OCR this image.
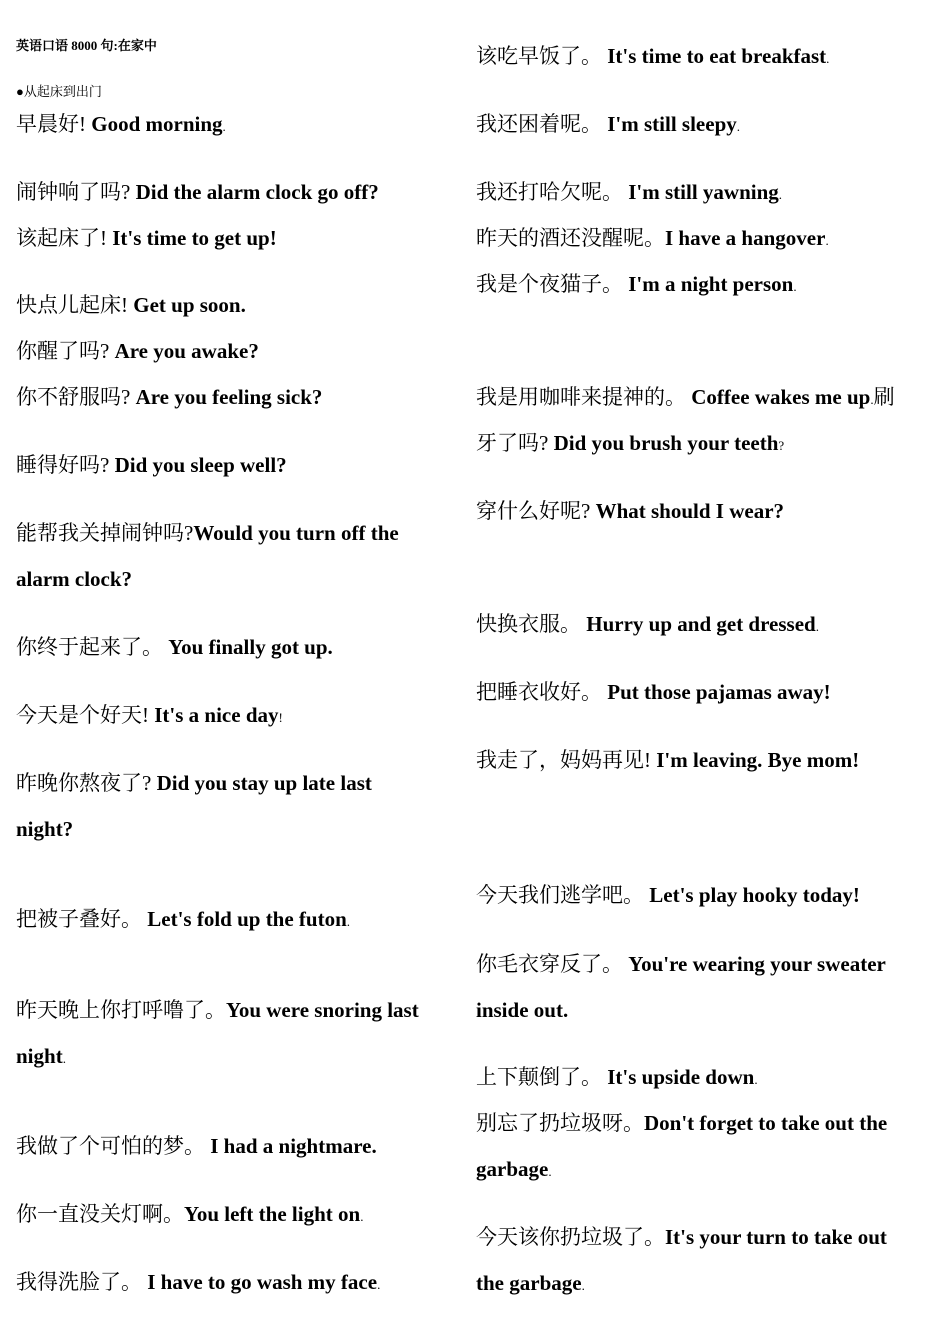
英语口语 8000 句:在家中
●从起床到出门
早晨好! Good morning.
闹钟响了吗? Did the alarm clock go off?
该起床了! It's time to get up!
快点儿起床! Get up soon.
你醒了吗? Are you awake?
你不舒服吗? Are you feeling sick?
睡得好吗? Did you sleep well?
能帮我关掉闹钟吗?Would you turn off the
alarm clock?
你终于起来了。 You finally got up.
今天是个好天! It's a nice day!
昨晚你熬夜了? Did you stay up late last
night?
把被子叠好。 Let's fold up the futon.
昨天晚上你打呼噜了。You were snoring last
night.
我做了个可怕的梦。 I had a nightmare.
你一直没关灯啊。You left the light on.
我得洗脸了。 I have to go wash my face.
该吃早饭了。 It's time to eat breakfast.
我还困着呢。 I'm still sleepy.
我还打哈欠呢。 I'm still yawning.
昨天的酒还没醒呢。I have a hangover.
我是个夜猫子。 I'm a night person.
我是用咖啡来提神的。 Coffee wakes me up.刷
牙了吗? Did you brush your teeth?
穿什么好呢? What should I wear?
快换衣服。 Hurry up and get dressed.
把睡衣收好。 Put those pajamas away!
我走了，妈妈再见! I'm leaving. Bye mom!
今天我们逃学吧。 Let's play hooky today!
你毛衣穿反了。 You're wearing your sweater
inside out.
上下颠倒了。 It's upside down.
别忘了扔垃圾呀。Don't forget to take out the
garbage.
今天该你扔垃圾了。It's your turn to take out
the garbage.
